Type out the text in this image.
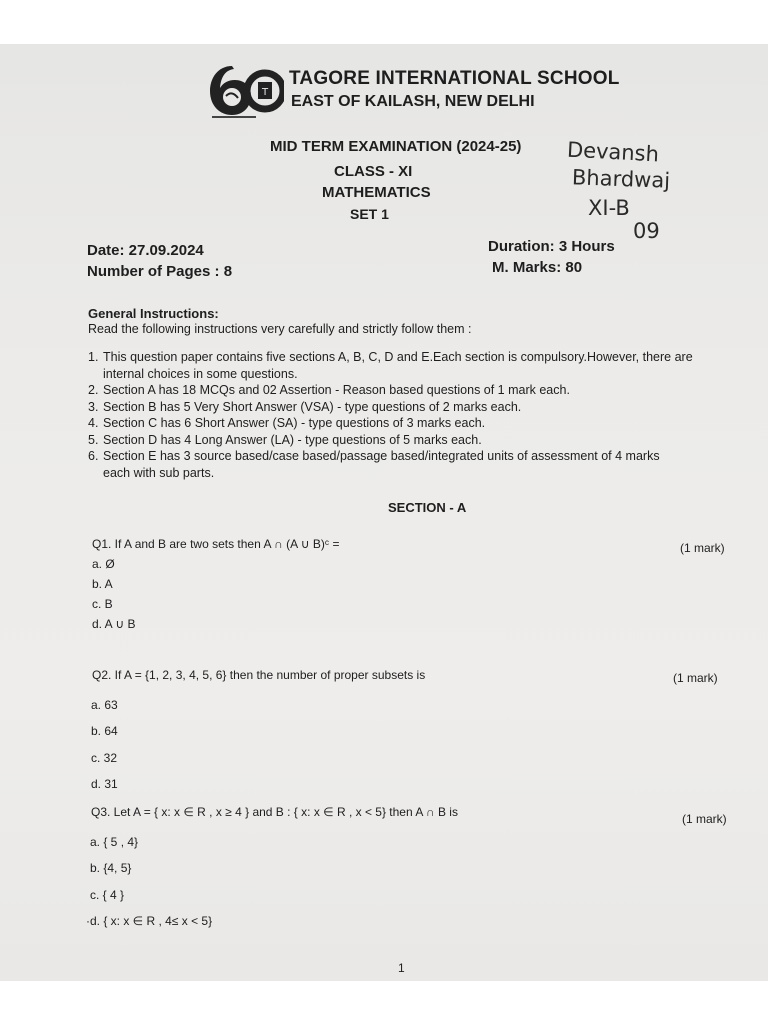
T
TAGORE INTERNATIONAL SCHOOL
EAST OF KAILASH, NEW DELHI
MID TERM EXAMINATION (2024-25)
CLASS - XI
MATHEMATICS
SET 1
Devansh
Bhardwaj
XI-B
09
Date: 27.09.2024
Number of Pages : 8
Duration: 3 Hours
M. Marks: 80
General Instructions:
Read the following instructions very carefully and strictly follow them :
1. This question paper contains five sections A, B, C, D and E.Each section is compulsory.However, there are
internal choices in some questions.
2. Section A has 18 MCQs and 02 Assertion - Reason based questions of 1 mark each.
3. Section B has 5 Very Short Answer (VSA) - type questions of 2 marks each.
4. Section C has 6 Short Answer (SA) - type questions of 3 marks each.
5. Section D has 4 Long Answer (LA) - type questions of 5 marks each.
6. Section E has 3 source based/case based/passage based/integrated units of assessment of 4 marks
each with sub parts.
SECTION - A
Q1. If A and B are two sets then A ∩ (A ∪ B)ᶜ =	(1 mark)
a. Ø
b. A
c. B
d. A ∪ B
Q2. If A = {1, 2, 3, 4, 5, 6} then the number of proper subsets is	(1 mark)
a. 63
b. 64
c. 32
d. 31
Q3. Let A = { x: x ∈ R , x ≥ 4 } and B : { x: x ∈ R , x < 5} then A ∩ B is	(1 mark)
a. { 5 , 4}
b. {4, 5}
c. { 4 }
·d. { x: x ∈ R , 4≤ x < 5}
1
